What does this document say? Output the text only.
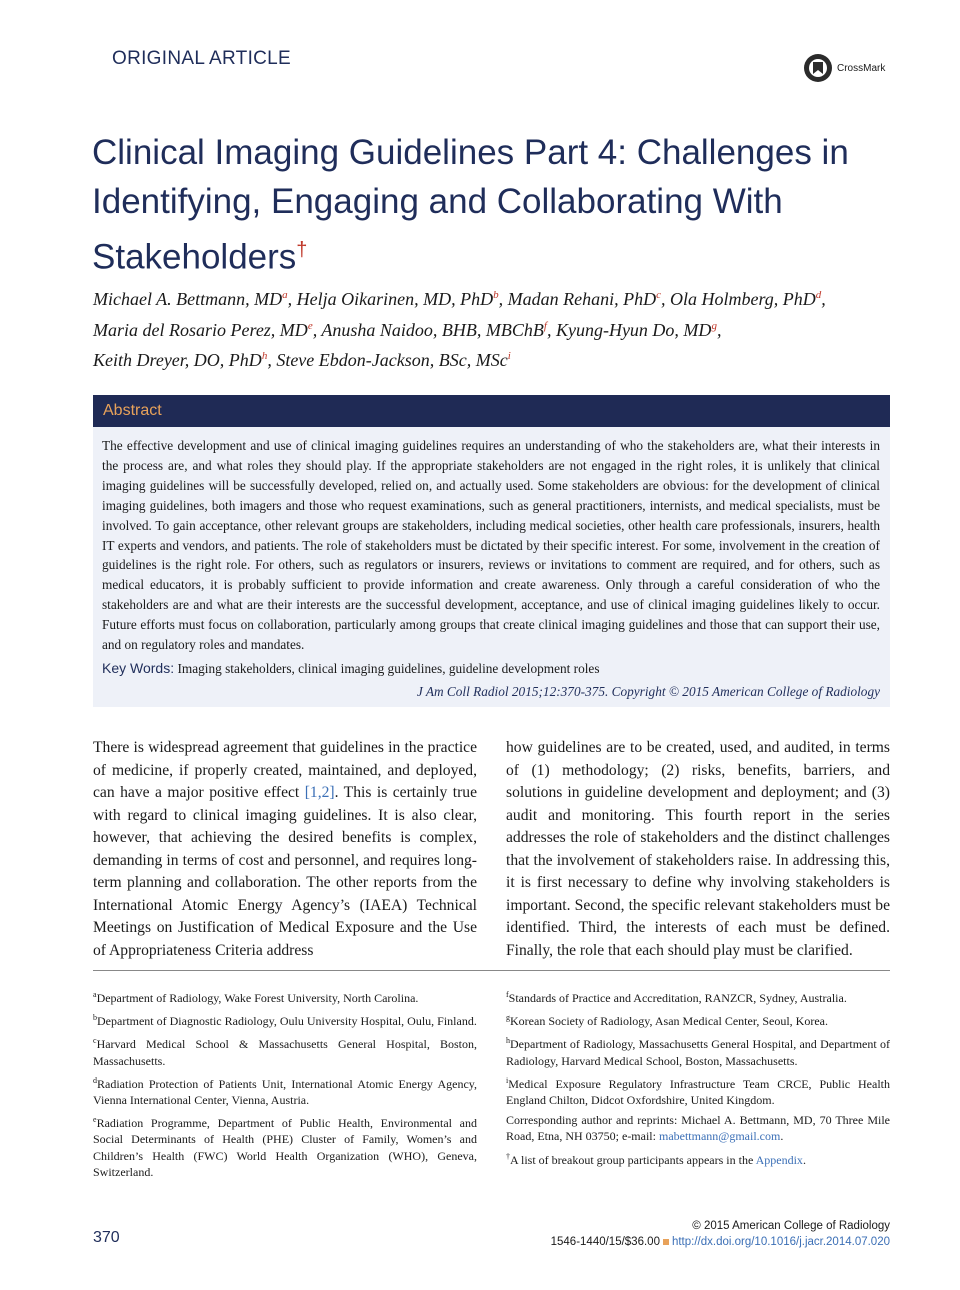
ORIGINAL ARTICLE	CrossMark
Clinical Imaging Guidelines Part 4: Challenges in Identifying, Engaging and Collaborating With Stakeholders†
Michael A. Bettmann, $MD^a$, Helja Oikarinen, MD, PhD$^b$, Madan Rehani, PhD$^c$, Ola Holmberg, PhD$^d$,
Maria del Rosario Perez, MDe, Anusha Naidoo, BHB, MBChB$^f$, Kyung-Hyun Do, $MD^g$,
Keith Dreyer, DO, PhD$^h$, Steve Ebdon-Jackson, BSc, MSc$^i$
Abstract
The effective development and use of clinical imaging guidelines requires an understanding of who the stakeholders are, what their interests in the process are, and what roles they should play. If the appropriate stakeholders are not engaged in the right roles, it is unlikely that clinical imaging guidelines will be successfully developed, relied on, and actually used. Some stakeholders are obvious: for the development of clinical imaging guidelines, both imagers and those who request examinations, such as general practitioners, internists, and medical specialists, must be involved. To gain acceptance, other relevant groups are stakeholders, including medical societies, other health care professionals, insurers, health IT experts and vendors, and patients. The role of stakeholders must be dictated by their specific interest. For some, involvement in the creation of guidelines is the right role. For others, such as regulators or insurers, reviews or invitations to comment are required, and for others, such as medical educators, it is probably sufficient to provide information and create awareness. Only through a careful consideration of who the stakeholders are and what are their interests are the successful development, acceptance, and use of clinical imaging guidelines likely to occur. Future efforts must focus on collaboration, particularly among groups that create clinical imaging guidelines and those that can support their use, and on regulatory roles and mandates.
Key Words: Imaging stakeholders, clinical imaging guidelines, guideline development roles
J Am Coll Radiol 2015;12:370-375. Copyright © 2015 American College of Radiology
There is widespread agreement that guidelines in the practice of medicine, if properly created, maintained, and deployed, can have a major positive effect [1,2]. This is certainly true with regard to clinical imaging guidelines. It is also clear, however, that achieving the desired benefits is complex, demanding in terms of cost and personnel, and requires long-term planning and collaboration. The other reports from the International Atomic Energy Agency’s (IAEA) Technical Meetings on Justification of Medical Exposure and the Use of Appropriateness Criteria address
how guidelines are to be created, used, and audited, in terms of (1) methodology; (2) risks, benefits, barriers, and solutions in guideline development and deployment; and (3) audit and monitoring. This fourth report in the series addresses the role of stakeholders and the distinct challenges that the involvement of stakeholders raise. In addressing this, it is first necessary to define why involving stakeholders is important. Second, the specific relevant stakeholders must be identified. Third, the interests of each must be defined. Finally, the role that each should play must be clarified.
$^a$Department of Radiology, Wake Forest University, North Carolina.
$^b$Department of Diagnostic Radiology, Oulu University Hospital, Oulu, Finland.
$^c$Harvard Medical School & Massachusetts General Hospital, Boston, Massachusetts.
$^d$Radiation Protection of Patients Unit, International Atomic Energy Agency, Vienna International Center, Vienna, Austria.
$^e$Radiation Programme, Department of Public Health, Environmental and Social Determinants of Health (PHE) Cluster of Family, Women’s and Children’s Health (FWC) World Health Organization (WHO), Geneva, Switzerland.
$^f$Standards of Practice and Accreditation, RANZCR, Sydney, Australia.
$^g$Korean Society of Radiology, Asan Medical Center, Seoul, Korea.
$^h$Department of Radiology, Massachusetts General Hospital, and Department of Radiology, Harvard Medical School, Boston, Massachusetts.
$^i$Medical Exposure Regulatory Infrastructure Team CRCE, Public Health England Chilton, Didcot Oxfordshire, United Kingdom.
Corresponding author and reprints: Michael A. Bettmann, MD, 70 Three Mile Road, Etna, NH 03750; e-mail: mabettmann@gmail.com.
†A list of breakout group participants appears in the Appendix.
370
© 2015 American College of Radiology
1546-1440/15/$36.00 http://dx.doi.org/10.1016/j.jacr.2014.07.020
